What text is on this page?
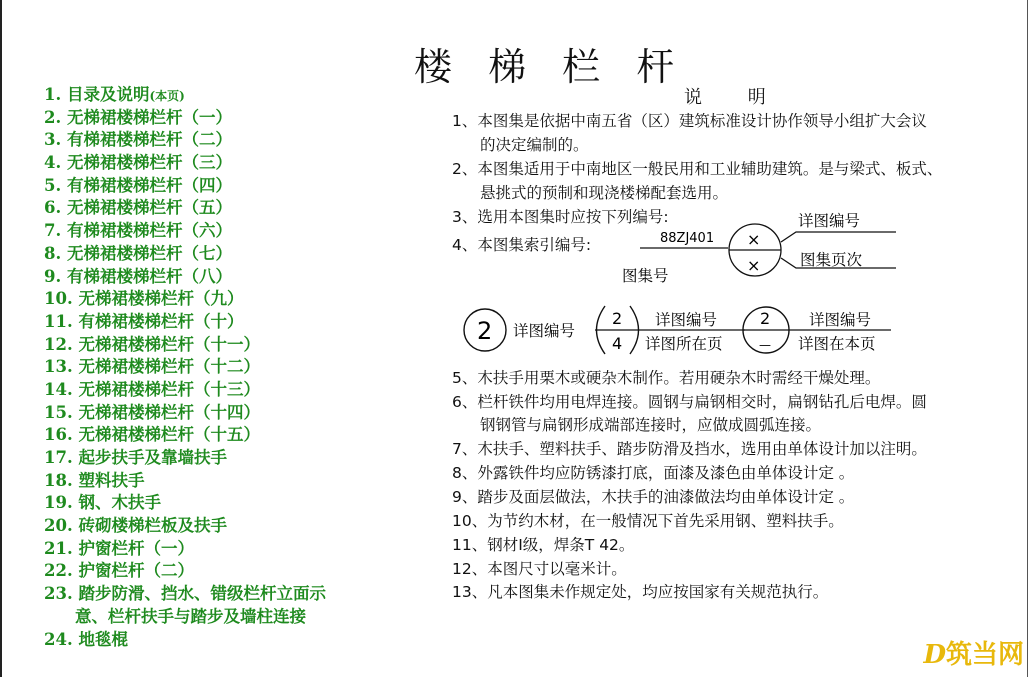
楼 梯 栏 杆
1. 目录及说明(本页)
2. 无梯裙楼梯栏杆（一）
3. 有梯裙楼梯栏杆（二）
4. 无梯裙楼梯栏杆（三）
5. 有梯裙楼梯栏杆（四）
6. 无梯裙楼梯栏杆（五）
7. 有梯裙楼梯栏杆（六）
8. 无梯裙楼梯栏杆（七）
9. 有梯裙楼梯栏杆（八）
10. 无梯裙楼梯栏杆（九）
11. 有梯裙楼梯栏杆（十）
12. 无梯裙楼梯栏杆（十一）
13. 无梯裙楼梯栏杆（十二）
14. 无梯裙楼梯栏杆（十三）
15. 无梯裙楼梯栏杆（十四）
16. 无梯裙楼梯栏杆（十五）
17. 起步扶手及靠墙扶手
18. 塑料扶手
19. 钢、木扶手
20. 砖砌楼梯栏板及扶手
21. 护窗栏杆（一）
22. 护窗栏杆（二）
23. 踏步防滑、挡水、错级栏杆立面示
意、栏杆扶手与踏步及墙柱连接
24. 地毯棍
说 明
1、本图集是依据中南五省（区）建筑标准设计协作领导小组扩大会议
的决定编制的。
2、本图集适用于中南地区一般民用和工业辅助建筑。是与梁式、板式、
悬挑式的预制和现浇楼梯配套选用。
3、选用本图集时应按下列编号:
4、本图集索引编号:	88ZJ401 ×
×
详图编号
图集页次
图集号
2 详图编号
2
4
详图编号
详图所在页
2
—
详图编号
详图在本页
5、木扶手用栗木或硬杂木制作。若用硬杂木时需经干燥处理。
6、栏杆铁件均用电焊连接。圆钢与扁钢相交时，扁钢钻孔后电焊。圆
钢钢管与扁钢形成端部连接时，应做成圆弧连接。
7、木扶手、塑料扶手、踏步防滑及挡水，选用由单体设计加以注明。
8、外露铁件均应防锈漆打底，面漆及漆色由单体设计定 。
9、踏步及面层做法，木扶手的油漆做法均由单体设计定 。
10、为节约木材，在一般情况下首先采用钢、塑料扶手。
11、钢材Ⅰ级，焊条T 42。
12、本图尺寸以毫米计。
13、凡本图集未作规定处，均应按国家有关规范执行。
D筑当网
